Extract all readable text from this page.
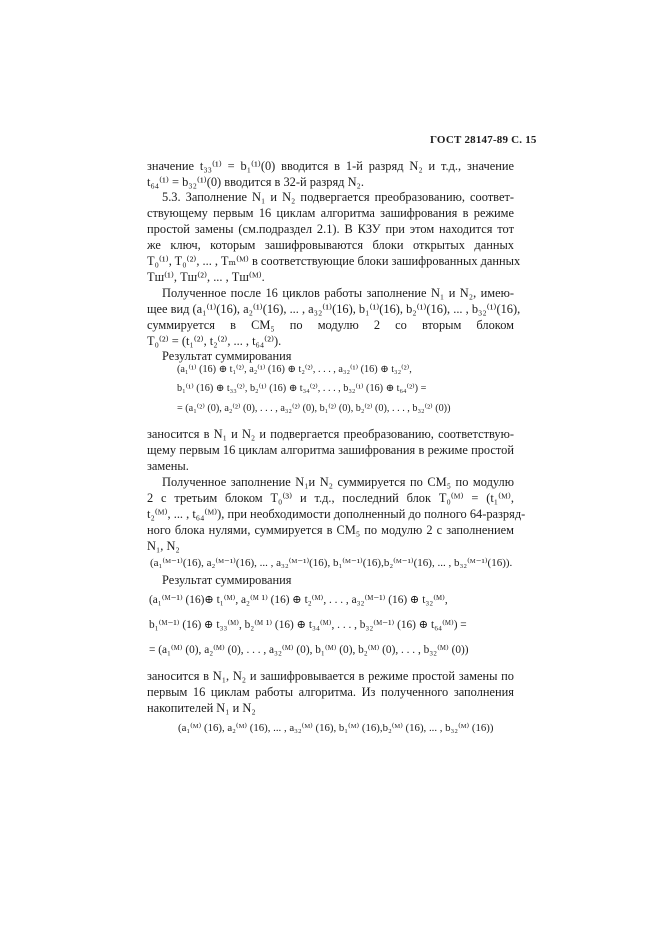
ГОСТ 28147-89 С. 15
значение t₃₃⁽¹⁾ = b₁⁽¹⁾(0) вводится в 1-й разряд N₂ и т.д., значение
t₆₄⁽¹⁾ = b₃₂⁽¹⁾(0) вводится в 32-й разряд N₂.
5.3. Заполнение N₁ и N₂ подвергается преобразованию, соответ-
ствующему первым 16 циклам алгоритма зашифрования в режиме
простой замены (см.подраздел 2.1). В КЗУ при этом находится тот
же ключ, которым зашифровываются блоки открытых данных
T₀⁽¹⁾, T₀⁽²⁾, ... , Tₘ⁽ᴹ⁾ в соответствующие блоки зашифрованных данных
Tш⁽¹⁾, Tш⁽²⁾, ... , Tш⁽ᴹ⁾.
Полученное после 16 циклов работы заполнение N₁ и N₂, имею-
щее вид (a₁⁽¹⁾(16), a₂⁽¹⁾(16), ... , a₃₂⁽¹⁾(16), b₁⁽¹⁾(16), b₂⁽¹⁾(16), ... , b₃₂⁽¹⁾(16),
суммируется в CM₅ по модулю 2 со вторым блоком
T₀⁽²⁾ = (t₁⁽²⁾, t₂⁽²⁾, ... , t₆₄⁽²⁾).
Результат суммирования
(a₁⁽¹⁾ (16) ⊕ t₁⁽²⁾, a₂⁽¹⁾ (16) ⊕ t₂⁽²⁾, . . . , a₃₂⁽¹⁾ (16) ⊕ t₃₂⁽²⁾,
b₁⁽¹⁾ (16) ⊕ t₃₃⁽²⁾, b₂⁽¹⁾ (16) ⊕ t₃₄⁽²⁾, . . . , b₃₂⁽¹⁾ (16) ⊕ t₆₄⁽²⁾) =
= (a₁⁽²⁾ (0), a₂⁽²⁾ (0), . . . , a₃₂⁽²⁾ (0), b₁⁽²⁾ (0), b₂⁽²⁾ (0), . . . , b₃₂⁽²⁾ (0))
заносится в N₁ и N₂ и подвергается преобразованию, соответствую-
щему первым 16 циклам алгоритма зашифрования в режиме простой
замены.
Полученное заполнение N₁и N₂ суммируется по CM₅ по модулю
2 с третьим блоком T₀⁽³⁾ и т.д., последний блок T₀⁽ᴹ⁾ = (t₁⁽ᴹ⁾,
t₂⁽ᴹ⁾, ... , t₆₄⁽ᴹ⁾), при необходимости дополненный до полного 64-разряд-
ного блока нулями, суммируется в CM₅ по модулю 2 с заполнением
N₁, N₂
(a₁⁽ᴹ⁻¹⁾(16), a₂⁽ᴹ⁻¹⁾(16), ... , a₃₂⁽ᴹ⁻¹⁾(16), b₁⁽ᴹ⁻¹⁾(16),b₂⁽ᴹ⁻¹⁾(16), ... , b₃₂⁽ᴹ⁻¹⁾(16)).
Результат суммирования
(a₁⁽ᴹ⁻¹⁾ (16)⊕ t₁⁽ᴹ⁾, a₂⁽ᴹ ¹⁾ (16) ⊕ t₂⁽ᴹ⁾, . . . , a₃₂⁽ᴹ⁻¹⁾ (16) ⊕ t₃₂⁽ᴹ⁾,
b₁⁽ᴹ⁻¹⁾ (16) ⊕ t₃₃⁽ᴹ⁾, b₂⁽ᴹ ¹⁾ (16) ⊕ t₃₄⁽ᴹ⁾, . . . , b₃₂⁽ᴹ⁻¹⁾ (16) ⊕ t₆₄⁽ᴹ⁾) =
= (a₁⁽ᴹ⁾ (0), a₂⁽ᴹ⁾ (0), . . . , a₃₂⁽ᴹ⁾ (0), b₁⁽ᴹ⁾ (0), b₂⁽ᴹ⁾ (0), . . . , b₃₂⁽ᴹ⁾ (0))
заносится в N₁, N₂ и зашифровывается в режиме простой замены по
первым 16 циклам работы алгоритма. Из полученного заполнения
накопителей N₁ и N₂
(a₁⁽ᴹ⁾ (16), a₂⁽ᴹ⁾ (16), ... , a₃₂⁽ᴹ⁾ (16), b₁⁽ᴹ⁾ (16),b₂⁽ᴹ⁾ (16), ... , b₃₂⁽ᴹ⁾ (16))
